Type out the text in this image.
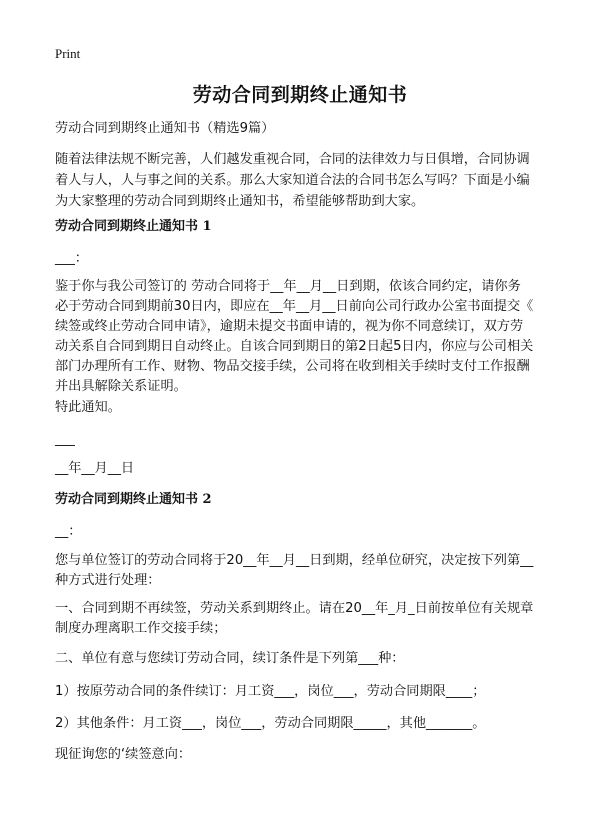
Print
劳动合同到期终止通知书
劳动合同到期终止通知书（精选9篇）
随着法律法规不断完善，人们越发重视合同，合同的法律效力与日俱增，合同协调
着人与人，人与事之间的关系。那么大家知道合法的合同书怎么写吗？下面是小编
为大家整理的劳动合同到期终止通知书，希望能够帮助到大家。
劳动合同到期终止通知书 1
___：
鉴于你与我公司签订的 劳动合同将于__年__月__日到期，依该合同约定，请你务
必于劳动合同到期前30日内，即应在__年__月__日前向公司行政办公室书面提交《
续签或终止劳动合同申请》，逾期未提交书面申请的，视为你不同意续订，双方劳
动关系自合同到期日自动终止。自该合同到期日的第2日起5日内，你应与公司相关
部门办理所有工作、财物、物品交接手续，公司将在收到相关手续时支付工作报酬
并出具解除关系证明。
特此通知。
___
__年__月__日
劳动合同到期终止通知书 2
__：
您与单位签订的劳动合同将于20__年__月__日到期，经单位研究，决定按下列第__
种方式进行处理：
一、合同到期不再续签，劳动关系到期终止。请在20__年_月_日前按单位有关规章
制度办理离职工作交接手续；
二、单位有意与您续订劳动合同，续订条件是下列第___种：
1）按原劳动合同的条件续订：月工资___，岗位___，劳动合同期限____；
2）其他条件：月工资___，岗位___，劳动合同期限_____，其他_______。
现征询您的‘续签意向：
